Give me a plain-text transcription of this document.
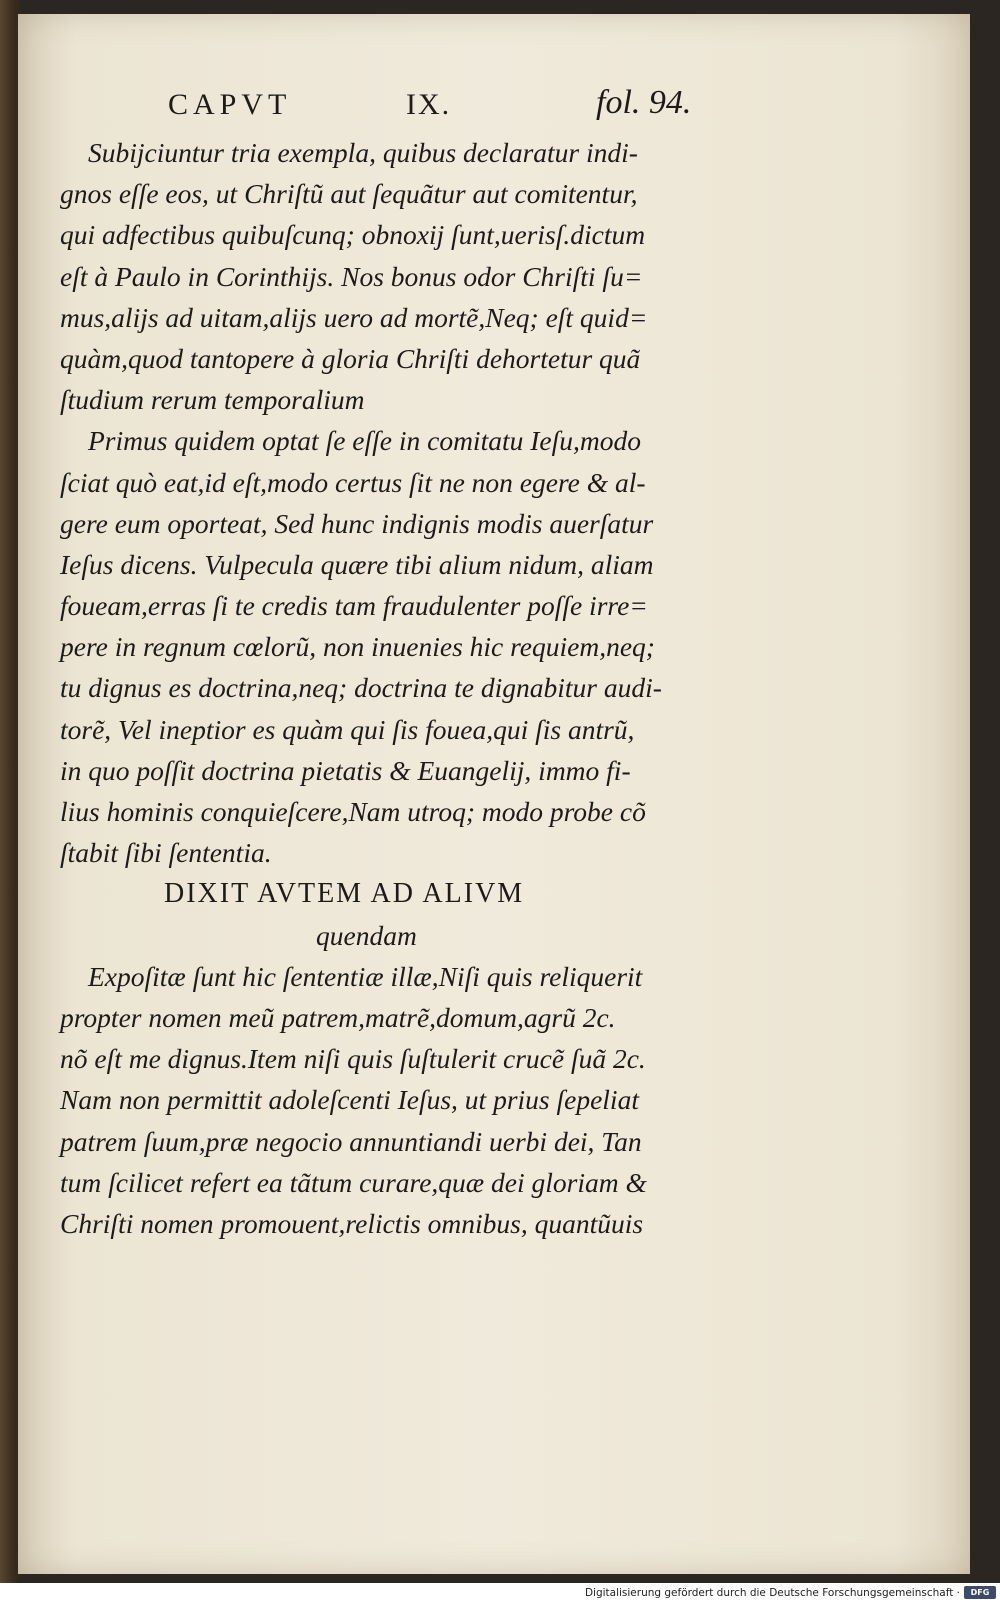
CAPVT	IX.	fol. 94.
Subijciuntur tria exempla, quibus declaratur indi-
gnos eſſe eos, ut Chriſtũ aut ſequãtur aut comitentur,
qui adfectibus quibuſcunq; obnoxij ſunt,uerisſ.dictum
eſt à Paulo in Corinthijs. Nos bonus odor Chriſti ſu=
mus,alijs ad uitam,alijs uero ad mortẽ,Neq; eſt quid=
quàm,quod tantopere à gloria Chriſti dehortetur quã
ſtudium rerum temporalium
Primus quidem optat ſe eſſe in comitatu Ieſu,modo
ſciat quò eat,id eſt,modo certus ſit ne non egere & al-
gere eum oporteat, Sed hunc indignis modis auerſatur
Ieſus dicens. Vulpecula quære tibi alium nidum, aliam
foueam,erras ſi te credis tam fraudulenter poſſe irre=
pere in regnum cœlorũ, non inuenies hic requiem,neq;
tu dignus es doctrina,neq; doctrina te dignabitur audi-
torẽ, Vel ineptior es quàm qui ſis fouea,qui ſis antrũ,
in quo poſſit doctrina pietatis & Euangelij, immo fi-
lius hominis conquieſcere,Nam utroq; modo probe cõ
ſtabit ſibi ſententia.
DIXIT AVTEM AD ALIVM
quendam
Expoſitæ ſunt hic ſententiæ illæ,Niſi quis reliquerit
propter nomen meũ patrem,matrẽ,domum,agrũ 2c.
nõ eſt me dignus.Item niſi quis ſuſtulerit crucẽ ſuã 2c.
Nam non permittit adoleſcenti Ieſus, ut prius ſepeliat
patrem ſuum,præ negocio annuntiandi uerbi dei, Tan
tum ſcilicet refert ea tãtum curare,quæ dei gloriam &
Chriſti nomen promouent,relictis omnibus, quantũuis
Digitalisierung gefördert durch die Deutsche Forschungsgemeinschaft ·	DFG
